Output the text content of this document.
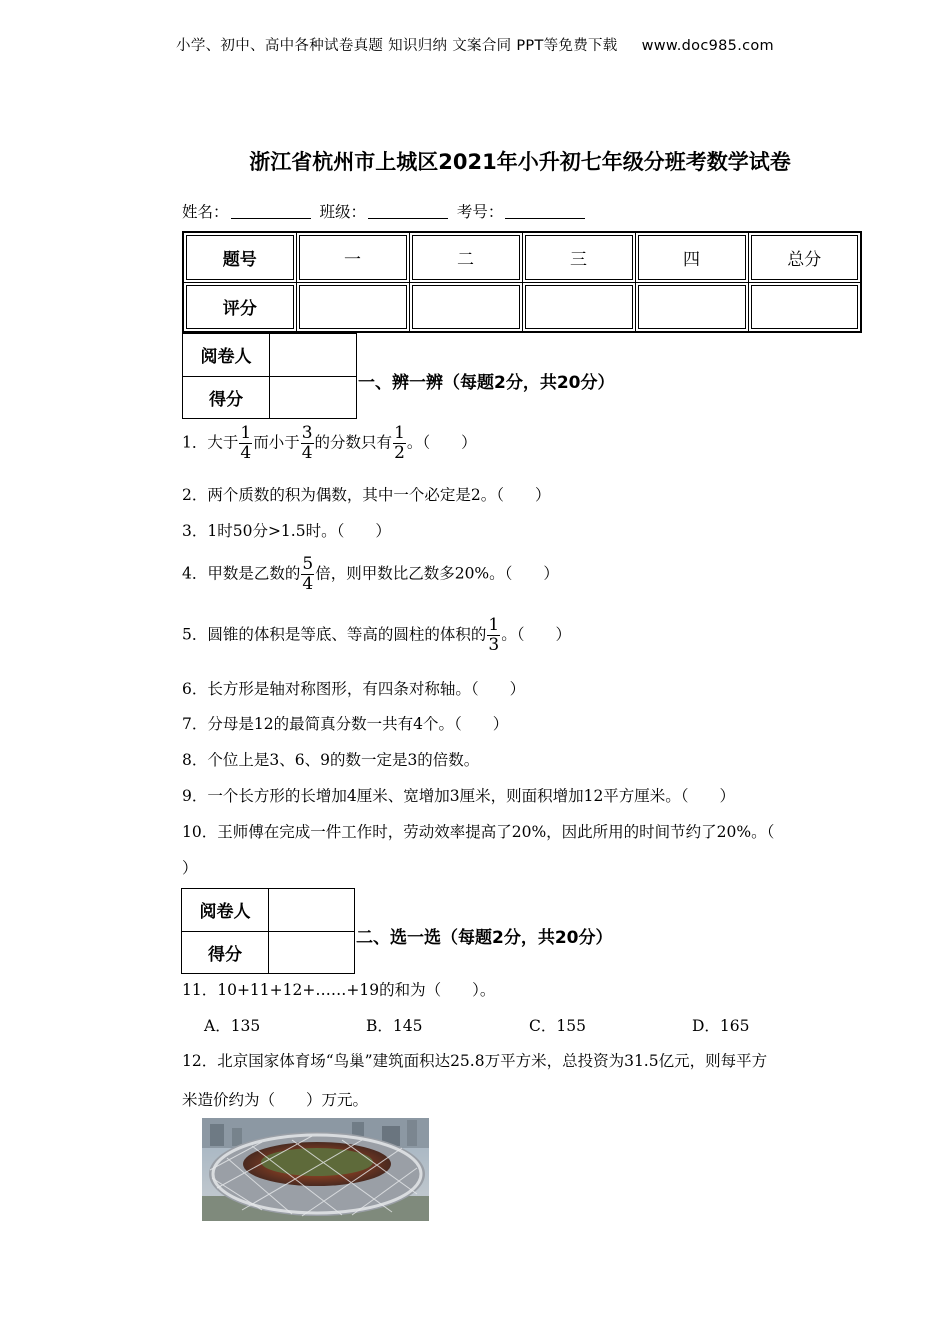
小学、初中、高中各种试卷真题 知识归纳 文案合同 PPT等免费下载 www.doc985.com
浙江省杭州市上城区2021年小升初七年级分班考数学试卷
姓名：	班级：	考号：
题号	一	二	三	四	总分
评分					
阅卷人	
得分	
一、辨一辨（每题2分，共20分）
1．大于 $\frac{1}{4}$ 而小于 $\frac{3}{4}$ 的分数只有 $\frac{1}{2}$ 。（　　）
2．两个质数的积为偶数，其中一个必定是2。（　　）
3．1时50分>1.5时。（　　）
4．甲数是乙数的 $\frac{5}{4}$ 倍，则甲数比乙数多20%。（　　）
5．圆锥的体积是等底、等高的圆柱的体积的 $\frac{1}{3}$ 。（　　）
6．长方形是轴对称图形，有四条对称轴。（　　）
7．分母是12的最简真分数一共有4个。（　　）
8．个位上是3、6、9的数一定是3的倍数。
9．一个长方形的长增加4厘米、宽增加3厘米，则面积增加12平方厘米。（　　）
10．王师傅在完成一件工作时，劳动效率提高了20%，因此所用的时间节约了20%。（
）
阅卷人	
得分	
二、选一选（每题2分，共20分）
11．10+11+12+……+19的和为（　　）。
A．135	B．145	C．155	D．165
12．北京国家体育场“鸟巢”建筑面积达25.8万平方米，总投资为31.5亿元，则每平方
米造价约为（　　）万元。
